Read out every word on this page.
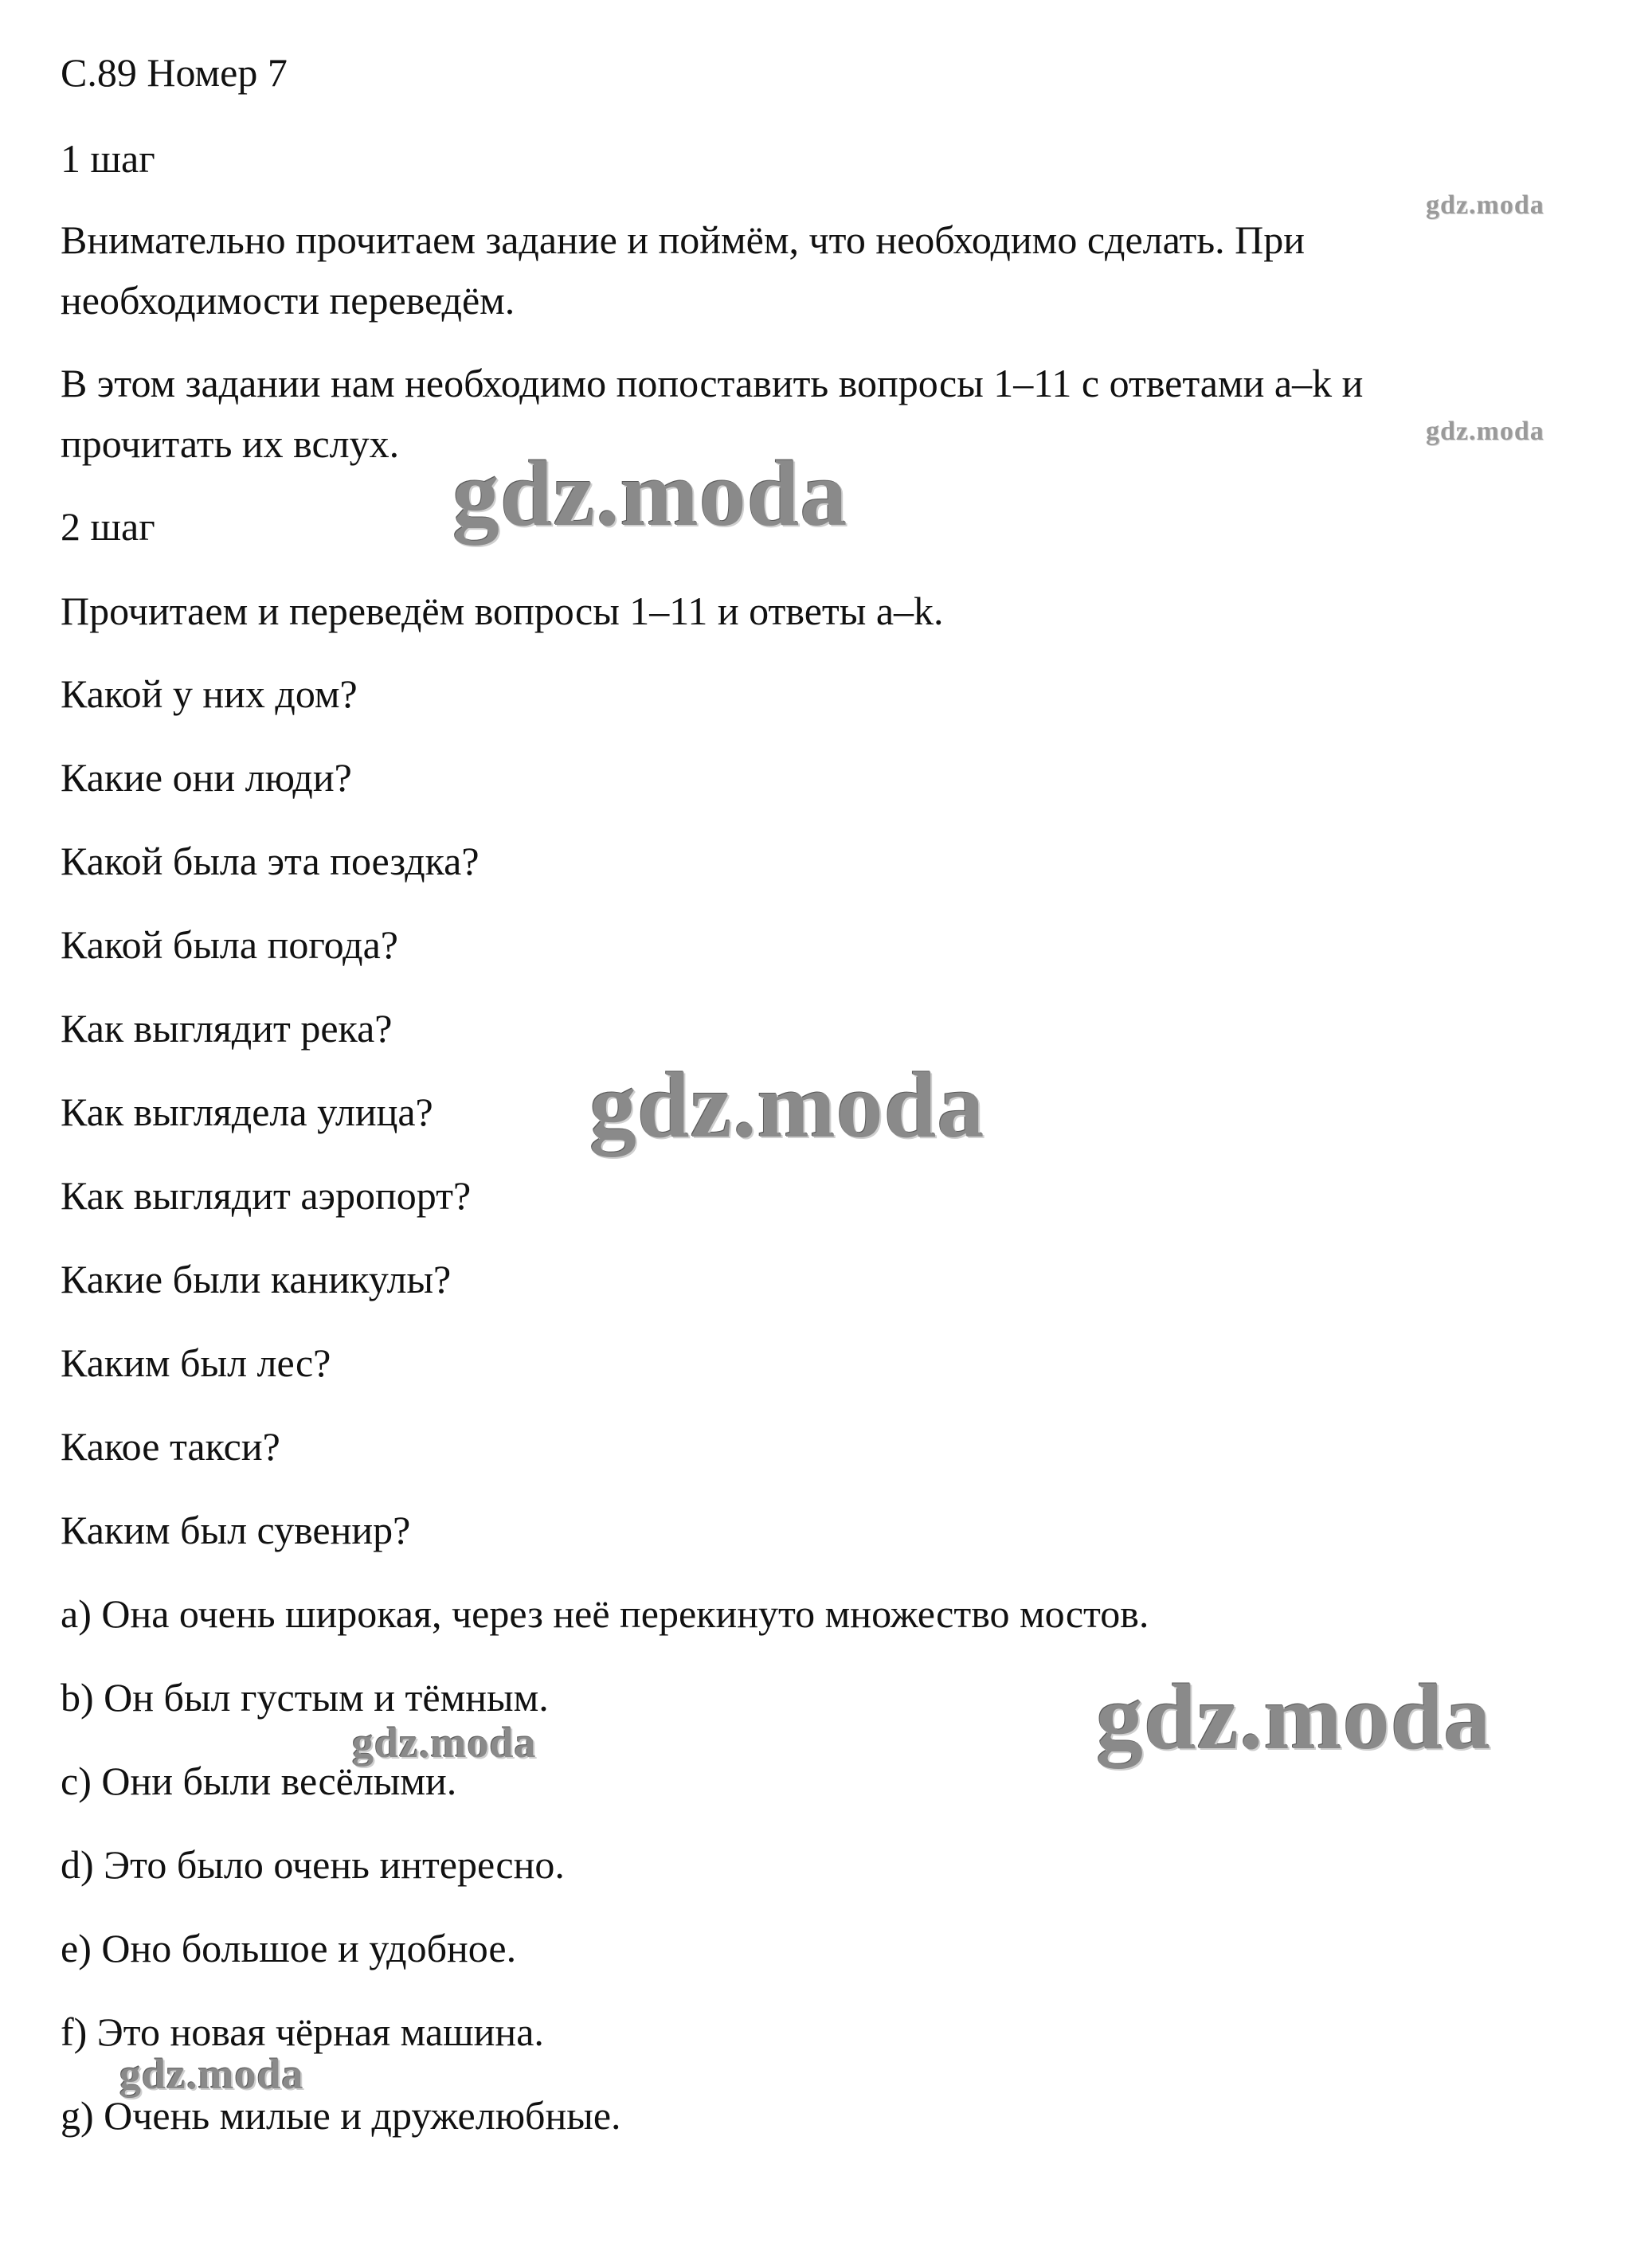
С.89 Номер 7
1 шаг
Внимательно прочитаем задание и поймём, что необходимо сделать. При
необходимости переведём.
В этом задании нам необходимо попоставить вопросы 1–11 с ответами a–k и
прочитать их вслух.
2 шаг
Прочитаем и переведём вопросы 1–11 и ответы a–k.
Какой у них дом?
Какие они люди?
Какой была эта поездка?
Какой была погода?
Как выглядит река?
Как выглядела улица?
Как выглядит аэропорт?
Какие были каникулы?
Каким был лес?
Какое такси?
Каким был сувенир?
a) Она очень широкая, через неё перекинуто множество мостов.
b) Он был густым и тёмным.
c) Они были весёлыми.
d) Это было очень интересно.
e) Оно большое и удобное.
f) Это новая чёрная машина.
g) Очень милые и дружелюбные.
gdz.moda
gdz.moda
gdz.moda
gdz.moda
gdz.moda
gdz.moda
gdz.moda
